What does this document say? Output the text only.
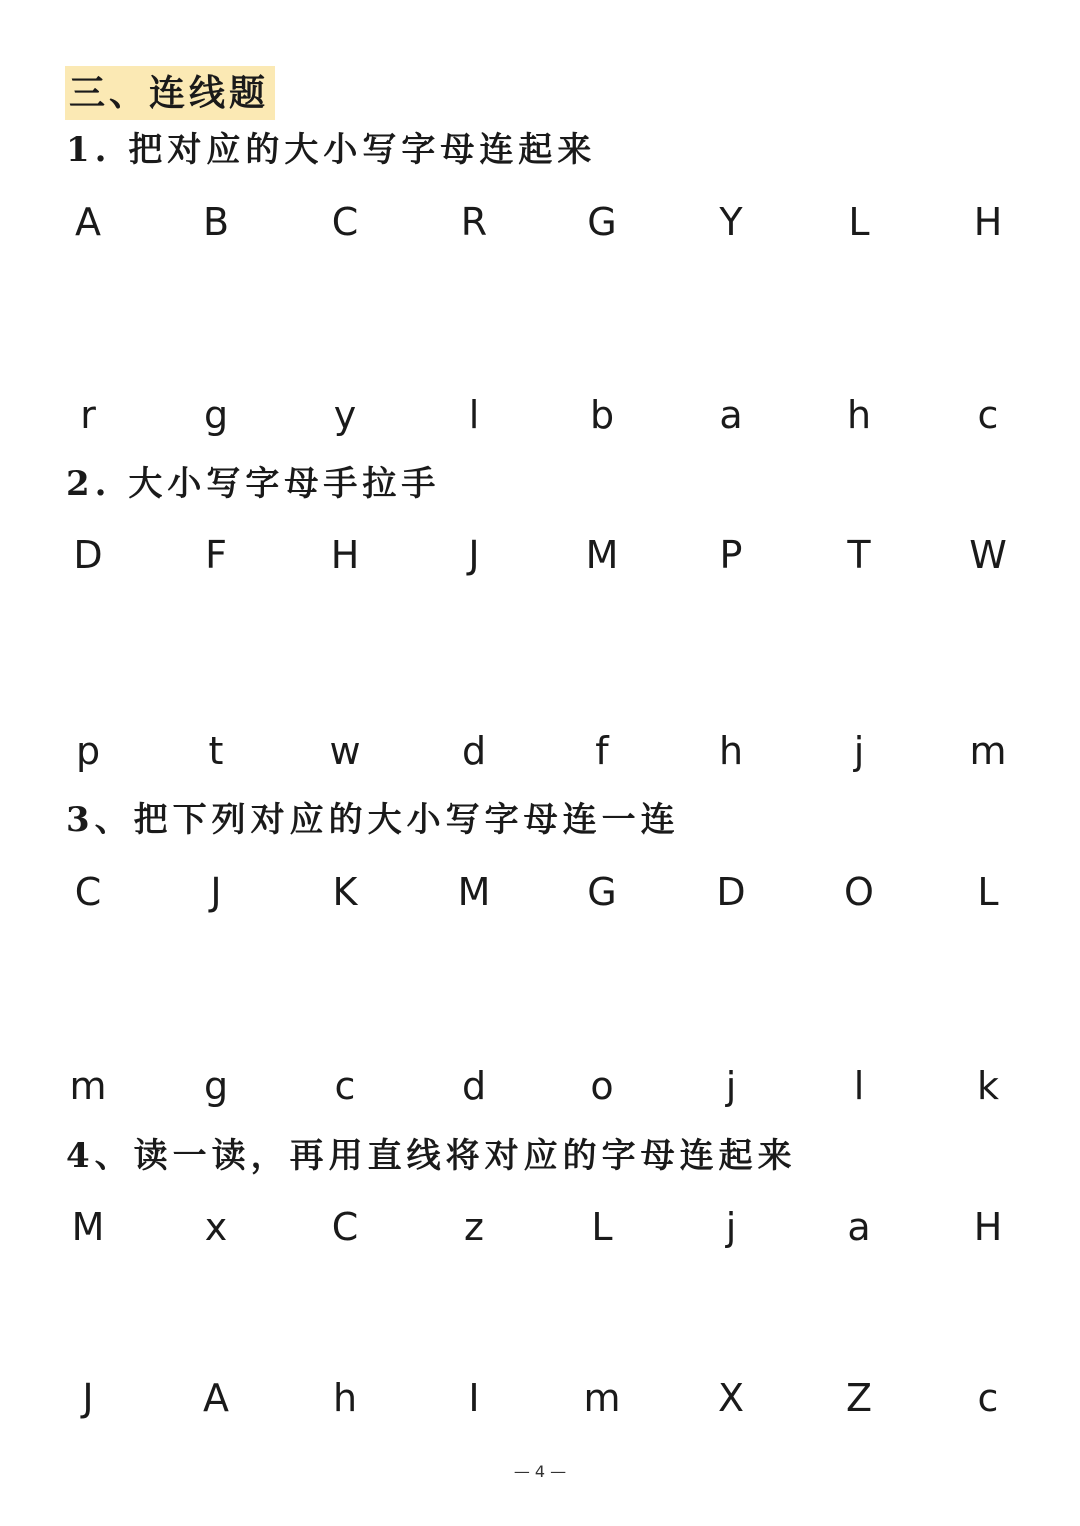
三、连线题
1. 把对应的大小写字母连起来
A	B	C	R	G	Y	L	H
r	g	y	l	b	a	h	c
2. 大小写字母手拉手
D	F	H	J	M	P	T	W
p	t	w	d	f	h	j	m
3、把下列对应的大小写字母连一连
C	J	K	M	G	D	O	L
m	g	c	d	o	j	l	k
4、读一读，再用直线将对应的字母连起来
M	x	C	z	L	j	a	H
J	A	h	I	m	X	Z	c
— 4 —
